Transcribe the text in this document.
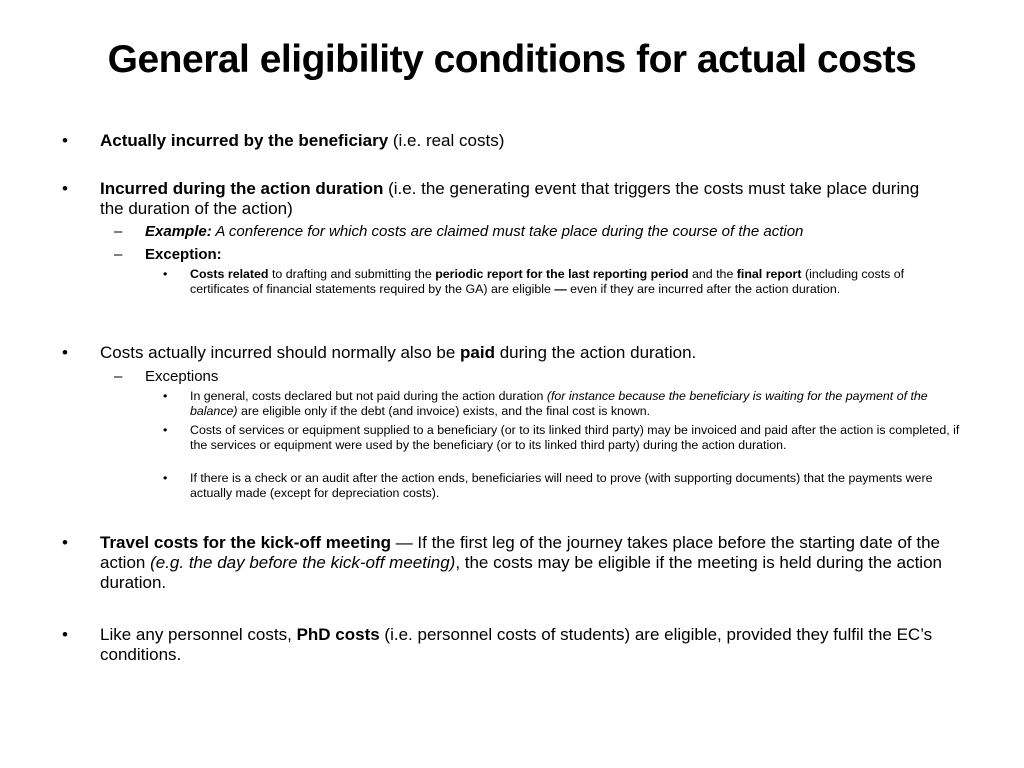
General eligibility conditions for actual costs
• Actually incurred by the beneficiary (i.e. real costs)
• Incurred during the action duration (i.e. the generating event that triggers the costs must take place during the duration of the action)
– Example: A conference for which costs are claimed must take place during the course of the action
– Exception:
• Costs related to drafting and submitting the periodic report for the last reporting period and the final report (including costs of certificates of financial statements required by the GA) are eligible — even if they are incurred after the action duration.
• Costs actually incurred should normally also be paid during the action duration.
– Exceptions
• In general, costs declared but not paid during the action duration (for instance because the beneficiary is waiting for the payment of the balance) are eligible only if the debt (and invoice) exists, and the final cost is known.
• Costs of services or equipment supplied to a beneficiary (or to its linked third party) may be invoiced and paid after the action is completed, if the services or equipment were used by the beneficiary (or to its linked third party) during the action duration.
• If there is a check or an audit after the action ends, beneficiaries will need to prove (with supporting documents) that the payments were actually made (except for depreciation costs).
• Travel costs for the kick-off meeting — If the first leg of the journey takes place before the starting date of the action (e.g. the day before the kick-off meeting), the costs may be eligible if the meeting is held during the action duration.
• Like any personnel costs, PhD costs (i.e. personnel costs of students) are eligible, provided they fulfil the EC’s conditions.
